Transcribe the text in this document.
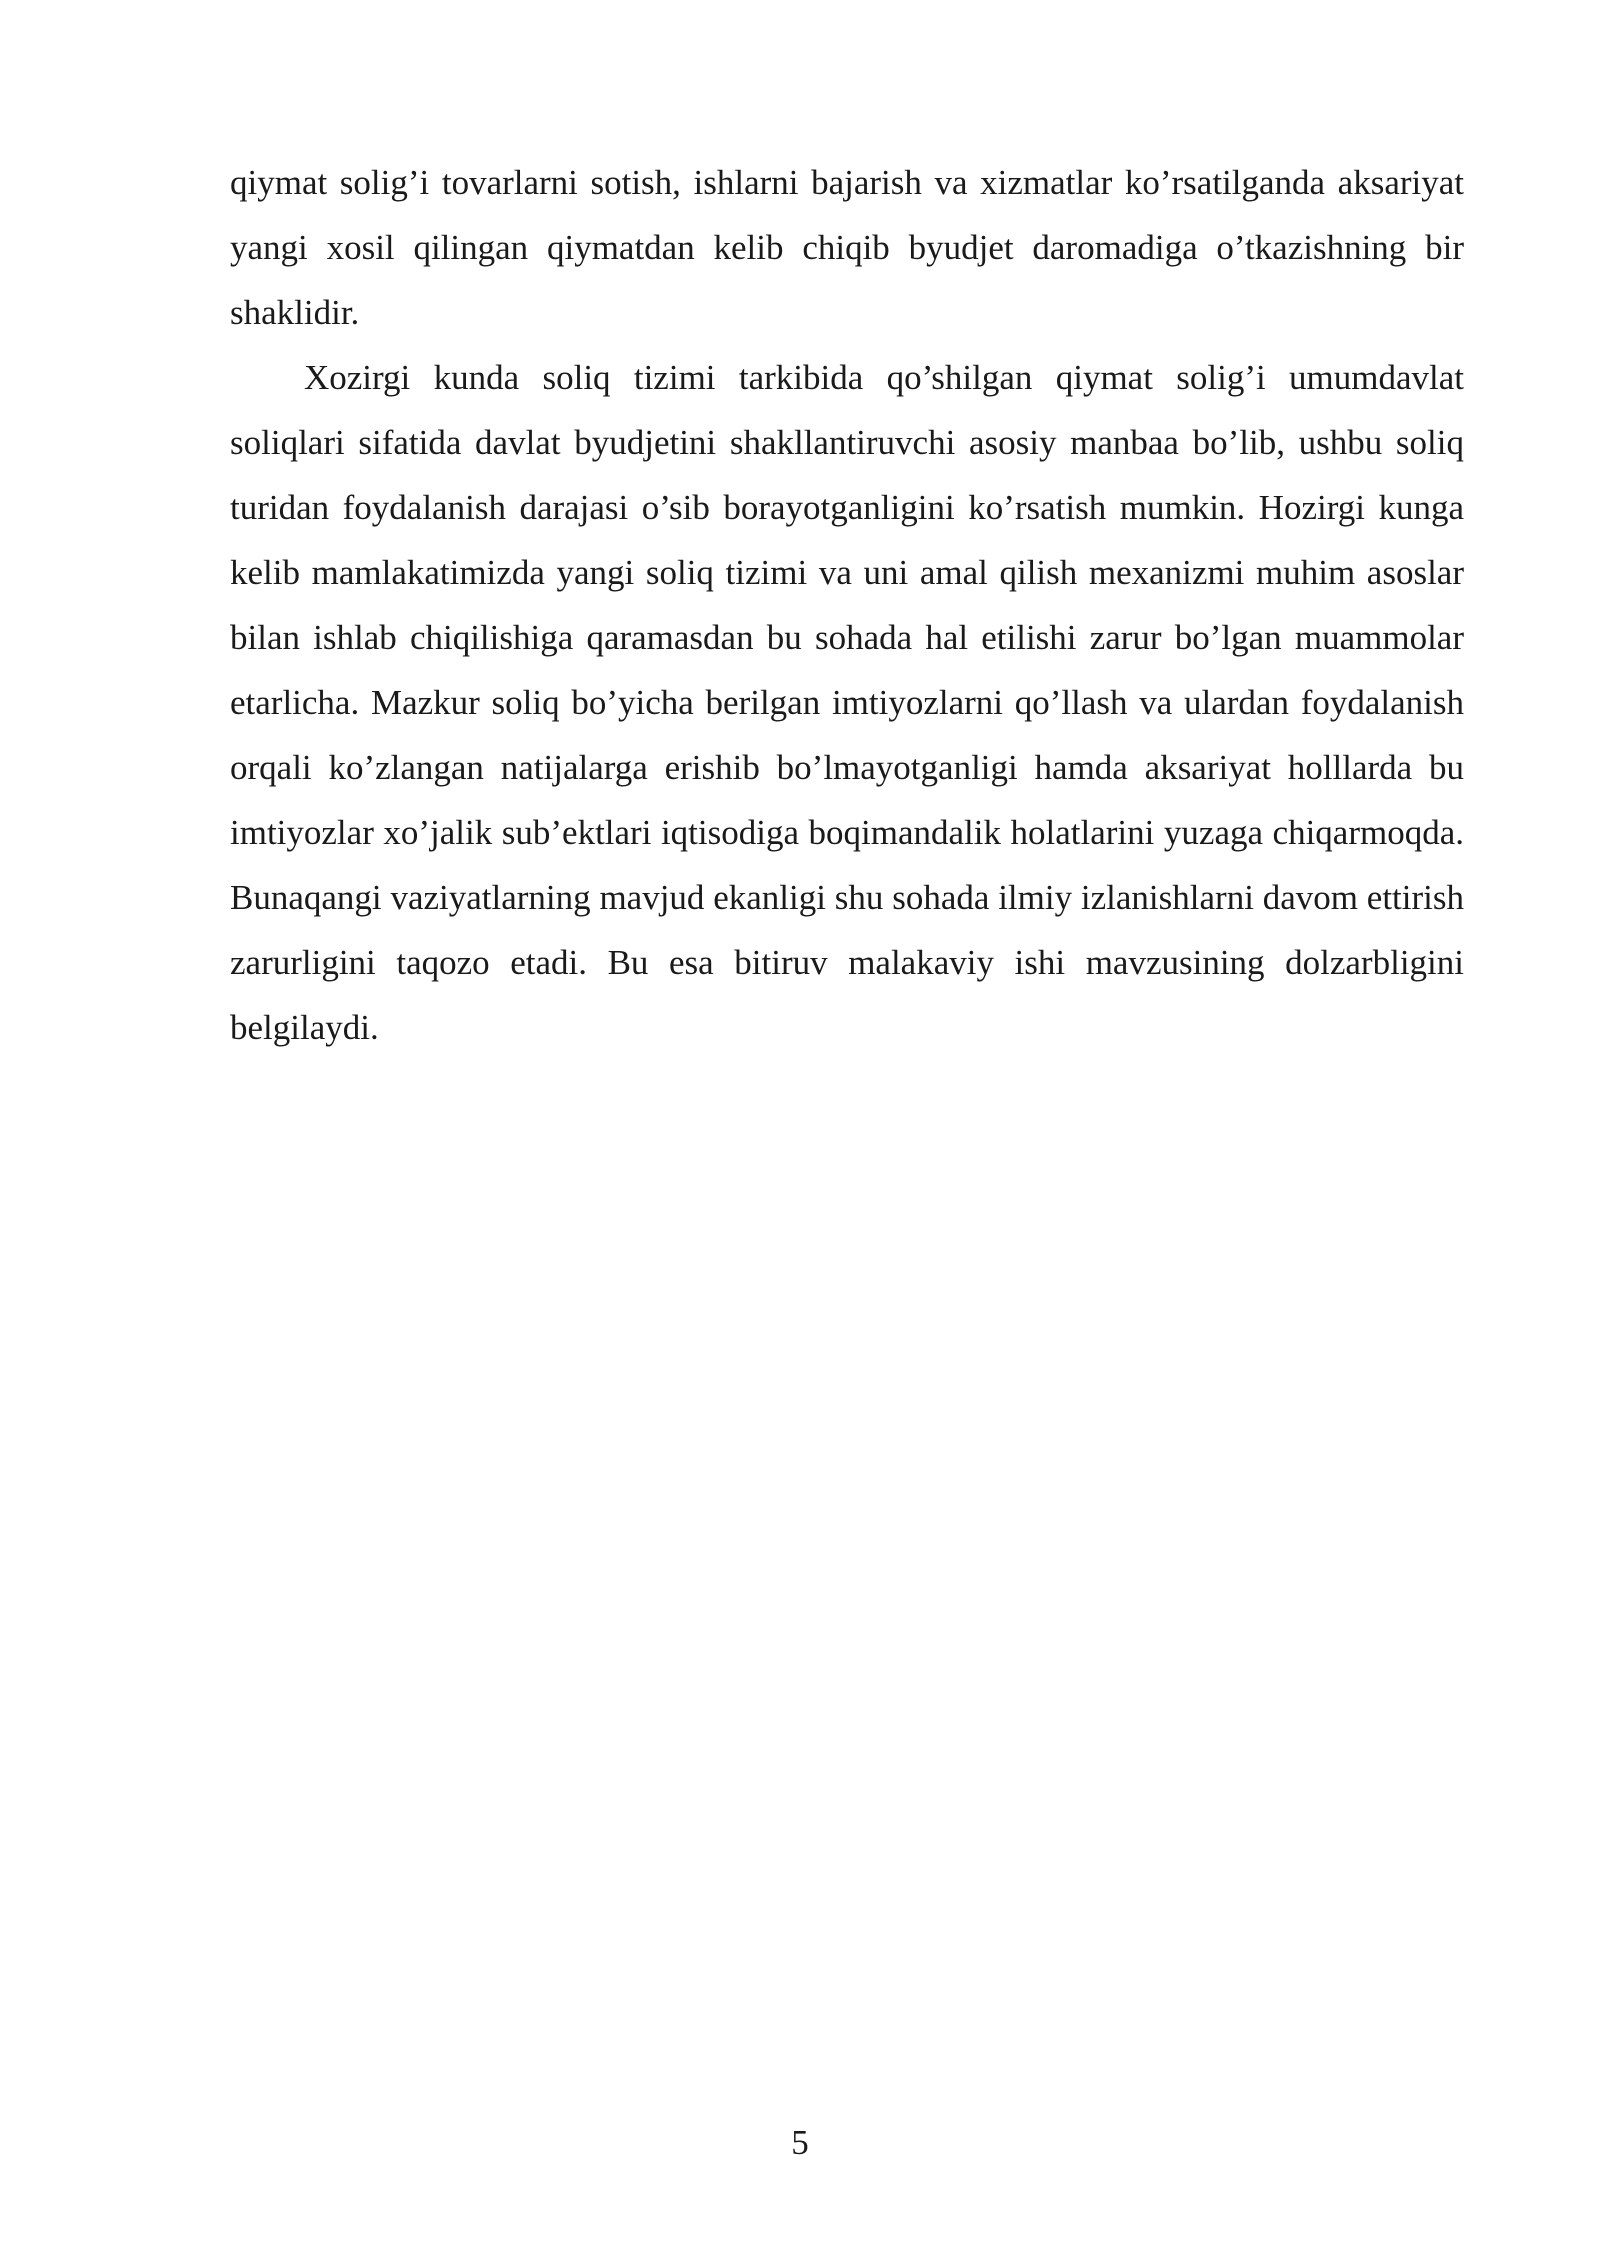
qiymat solig’i tovarlarni sotish, ishlarni bajarish va xizmatlar ko’rsatilganda aksariyat yangi xosil qilingan qiymatdan kelib chiqib byudjet daromadiga o’tkazishning bir shaklidir.

Xozirgi kunda soliq tizimi tarkibida qo’shilgan qiymat solig’i umumdavlat soliqlari sifatida davlat byudjetini shakllantiruvchi asosiy manbaa bo’lib, ushbu soliq turidan foydalanish darajasi o’sib borayotganligini ko’rsatish mumkin. Hozirgi kunga kelib mamlakatimizda yangi soliq tizimi va uni amal qilish mexanizmi muhim asoslar bilan ishlab chiqilishiga qaramasdan bu sohada hal etilishi zarur bo’lgan muammolar etarlicha. Mazkur soliq bo’yicha berilgan imtiyozlarni qo’llash va ulardan foydalanish orqali ko’zlangan natijalarga erishib bo’lmayotganligi hamda aksariyat holllarda bu imtiyozlar xo’jalik sub’ektlari iqtisodiga boqimandalik holatlarini yuzaga chiqarmoqda. Bunaqangi vaziyatlarning mavjud ekanligi shu sohada ilmiy izlanishlarni davom ettirish zarurligini taqozo etadi. Bu esa bitiruv malakaviy ishi mavzusining dolzarbligini belgilaydi.

5
